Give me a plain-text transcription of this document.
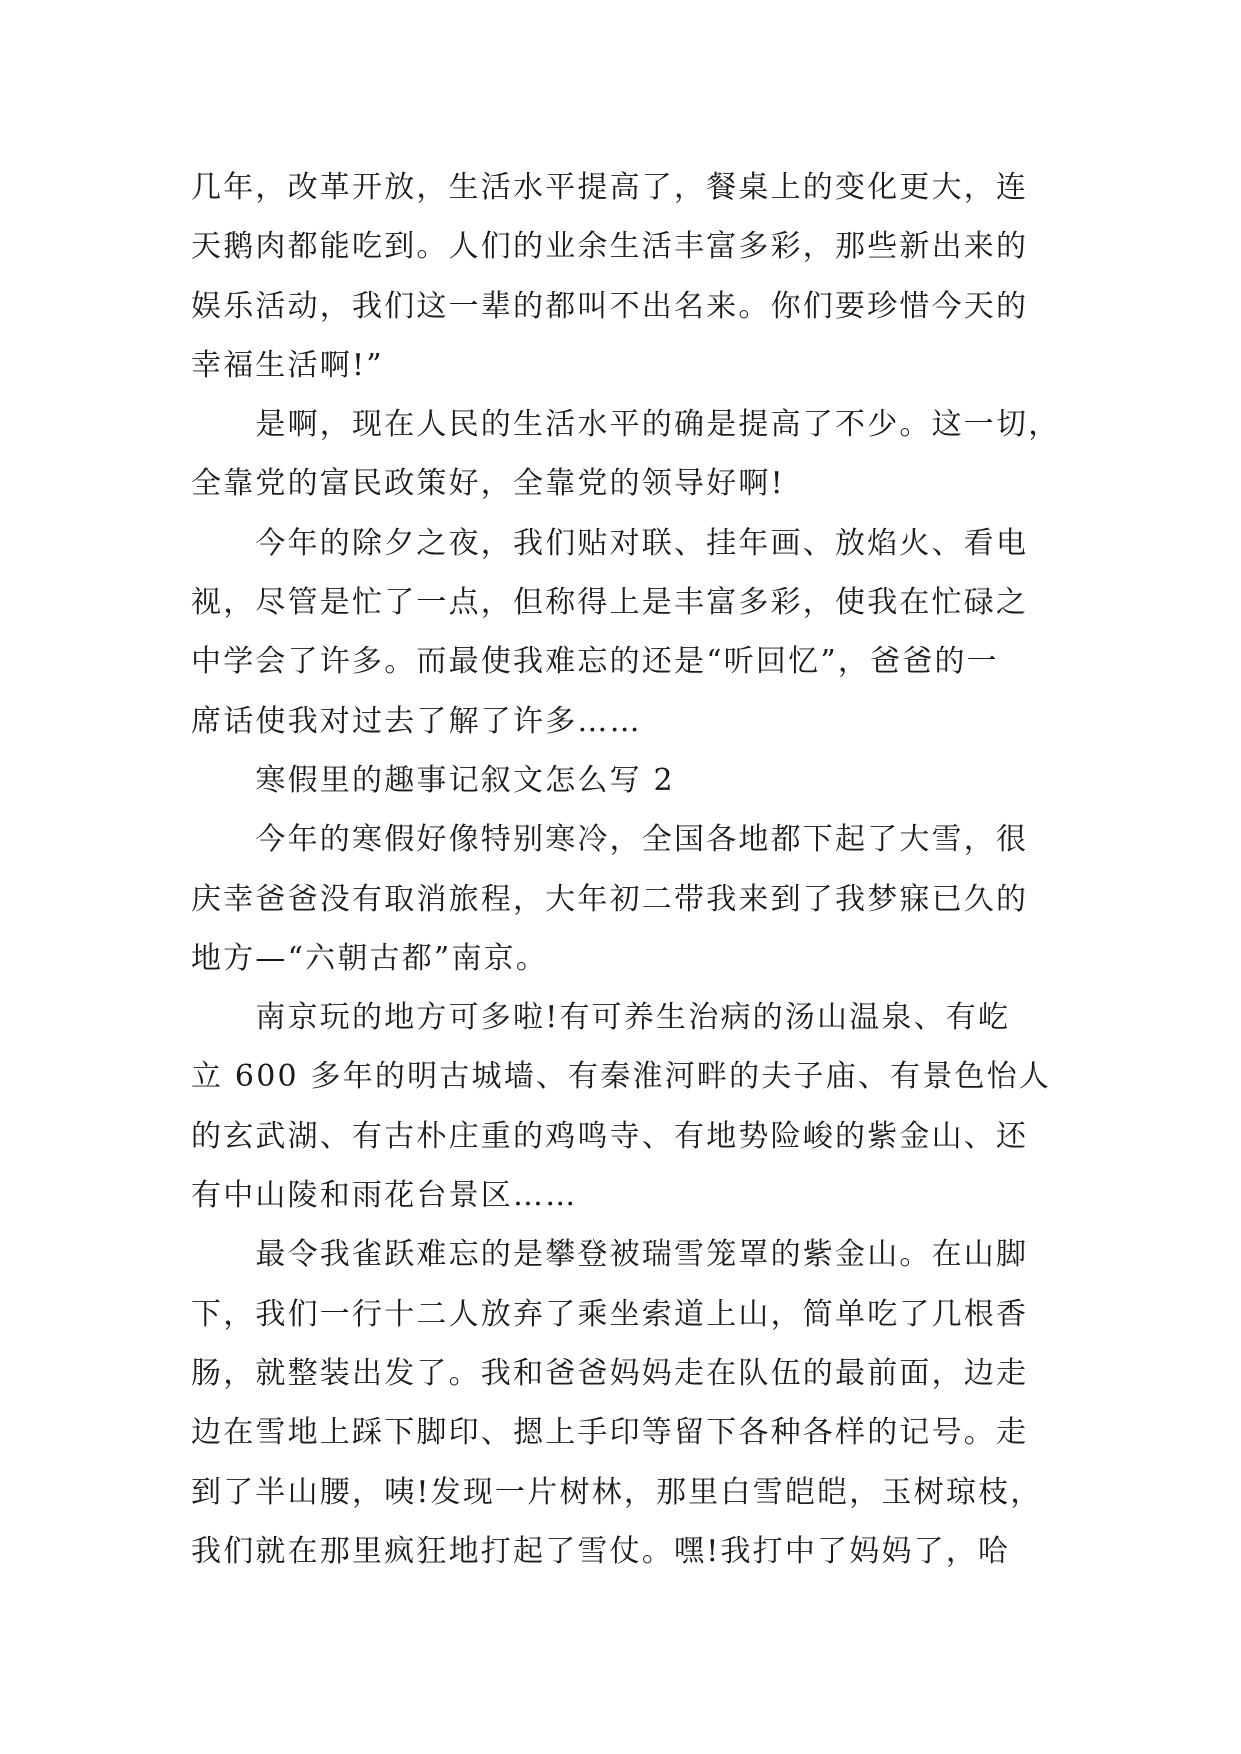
几年，改革开放，生活水平提高了，餐桌上的变化更大，连
天鹅肉都能吃到。人们的业余生活丰富多彩，那些新出来的
娱乐活动，我们这一辈的都叫不出名来。你们要珍惜今天的
幸福生活啊!”

　　是啊，现在人民的生活水平的确是提高了不少。这一切，
全靠党的富民政策好，全靠党的领导好啊!

　　今年的除夕之夜，我们贴对联、挂年画、放焰火、看电
视，尽管是忙了一点，但称得上是丰富多彩，使我在忙碌之
中学会了许多。而最使我难忘的还是“听回忆”，爸爸的一
席话使我对过去了解了许多……

　　寒假里的趣事记叙文怎么写 2

　　今年的寒假好像特别寒冷，全国各地都下起了大雪，很
庆幸爸爸没有取消旅程，大年初二带我来到了我梦寐已久的
地方—“六朝古都”南京。

　　南京玩的地方可多啦!有可养生治病的汤山温泉、有屹
立 600 多年的明古城墙、有秦淮河畔的夫子庙、有景色怡人
的玄武湖、有古朴庄重的鸡鸣寺、有地势险峻的紫金山、还
有中山陵和雨花台景区……

　　最令我雀跃难忘的是攀登被瑞雪笼罩的紫金山。在山脚
下，我们一行十二人放弃了乘坐索道上山，简单吃了几根香
肠，就整装出发了。我和爸爸妈妈走在队伍的最前面，边走
边在雪地上踩下脚印、摁上手印等留下各种各样的记号。走
到了半山腰，咦!发现一片树林，那里白雪皑皑，玉树琼枝，
我们就在那里疯狂地打起了雪仗。嘿!我打中了妈妈了，哈
